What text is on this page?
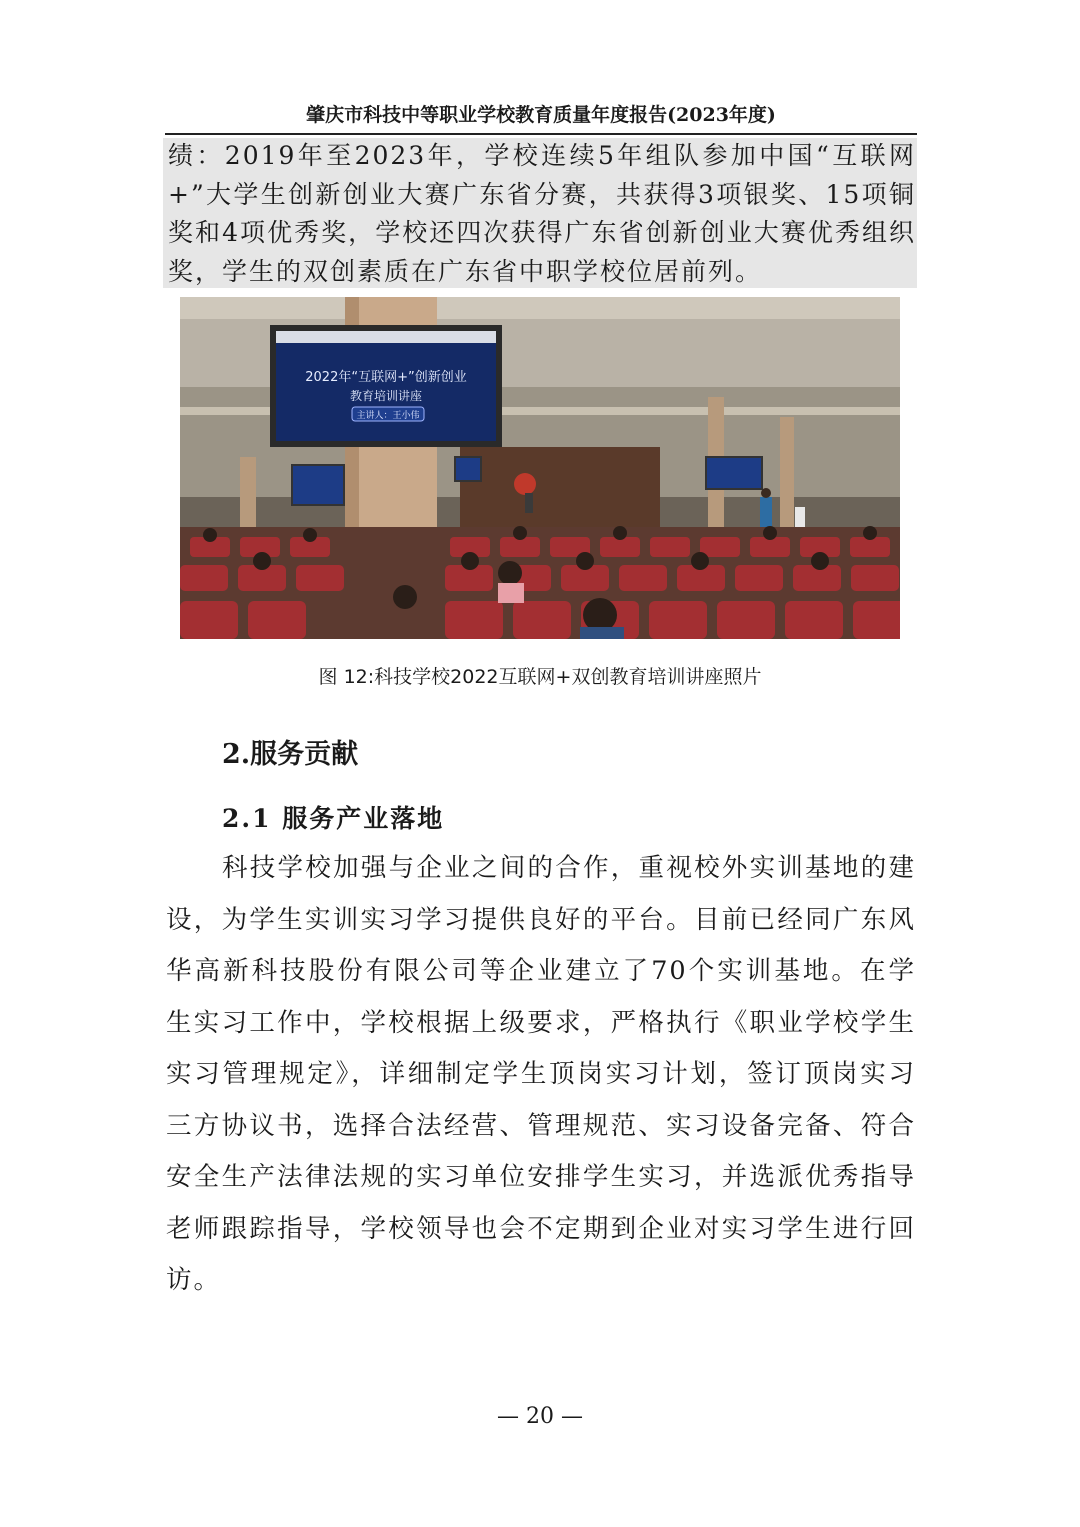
肇庆市科技中等职业学校教育质量年度报告(2023年度)
绩：2019年至2023年，学校连续5年组队参加中国“互联网+”大学生创新创业大赛广东省分赛，共获得3项银奖、15项铜奖和4项优秀奖，学校还四次获得广东省创新创业大赛优秀组织奖，学生的双创素质在广东省中职学校位居前列。
2022年“互联网+”创新创业
教育培训讲座
主讲人：王小伟
图 12:科技学校2022互联网+双创教育培训讲座照片
2.服务贡献
2.1 服务产业落地
科技学校加强与企业之间的合作，重视校外实训基地的建设，为学生实训实习学习提供良好的平台。目前已经同广东风华高新科技股份有限公司等企业建立了70个实训基地。在学生实习工作中，学校根据上级要求，严格执行《职业学校学生实习管理规定》，详细制定学生顶岗实习计划，签订顶岗实习三方协议书，选择合法经营、管理规范、实习设备完备、符合安全生产法律法规的实习单位安排学生实习，并选派优秀指导老师跟踪指导，学校领导也会不定期到企业对实习学生进行回访。
— 20 —
